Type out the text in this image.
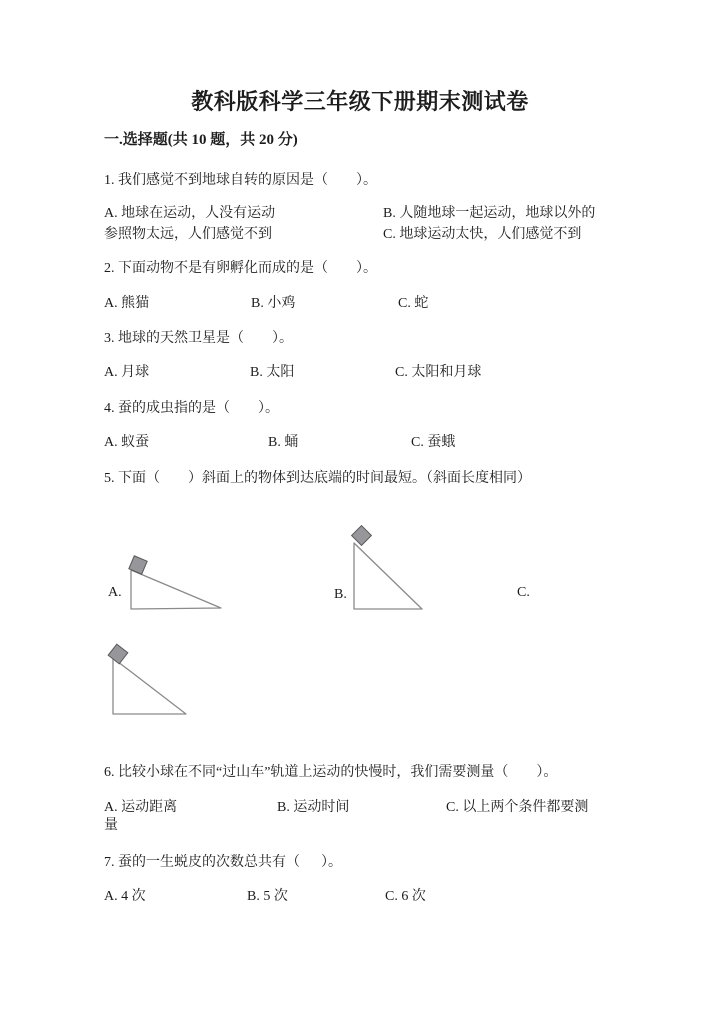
教科版科学三年级下册期末测试卷
一.选择题(共 10 题，共 20 分)
1. 我们感觉不到地球自转的原因是（        ）。
A. 地球在运动，人没有运动	B. 人随地球一起运动，地球以外的
参照物太远，人们感觉不到	C. 地球运动太快，人们感觉不到
2. 下面动物不是有卵孵化而成的是（        ）。
A. 熊猫	B. 小鸡	C. 蛇
3. 地球的天然卫星是（        ）。
A. 月球	B. 太阳	C. 太阳和月球
4. 蚕的成虫指的是（        ）。
A. 蚁蚕	B. 蛹	C. 蚕蛾
5. 下面（        ）斜面上的物体到达底端的时间最短。（斜面长度相同）
A.	B.	C.
6. 比较小球在不同“过山车”轨道上运动的快慢时，我们需要测量（        ）。
A. 运动距离	B. 运动时间	C. 以上两个条件都要测
量
7. 蚕的一生蜕皮的次数总共有（      ）。
A. 4 次	B. 5 次	C. 6 次
